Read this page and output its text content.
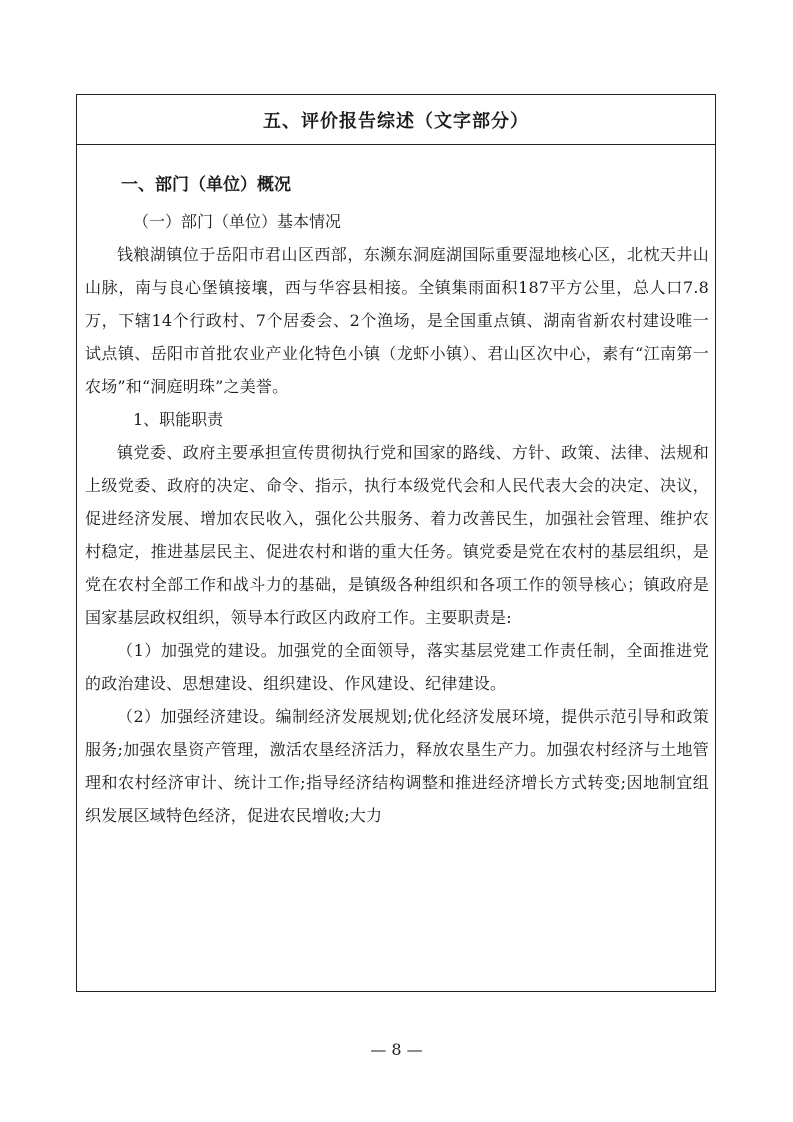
五、评价报告综述（文字部分）
一、部门（单位）概况
（一）部门（单位）基本情况

钱粮湖镇位于岳阳市君山区西部，东濒东洞庭湖国际重要湿地核心区，北枕天井山山脉，南与良心堡镇接壤，西与华容县相接。全镇集雨面积187平方公里，总人口7.8万，下辖14个行政村、7个居委会、2个渔场，是全国重点镇、湖南省新农村建设唯一试点镇、岳阳市首批农业产业化特色小镇（龙虾小镇）、君山区次中心，素有“江南第一农场”和“洞庭明珠”之美誉。

1、职能职责

镇党委、政府主要承担宣传贯彻执行党和国家的路线、方针、政策、法律、法规和上级党委、政府的决定、命令、指示，执行本级党代会和人民代表大会的决定、决议，促进经济发展、增加农民收入，强化公共服务、着力改善民生，加强社会管理、维护农村稳定，推进基层民主、促进农村和谐的重大任务。镇党委是党在农村的基层组织，是党在农村全部工作和战斗力的基础，是镇级各种组织和各项工作的领导核心；镇政府是国家基层政权组织，领导本行政区内政府工作。主要职责是:

（1）加强党的建设。加强党的全面领导，落实基层党建工作责任制，全面推进党的政治建设、思想建设、组织建设、作风建设、纪律建设。

（2）加强经济建设。编制经济发展规划;优化经济发展环境，提供示范引导和政策服务;加强农垦资产管理，激活农垦经济活力，释放农垦生产力。加强农村经济与土地管理和农村经济审计、统计工作;指导经济结构调整和推进经济增长方式转变;因地制宜组织发展区域特色经济，促进农民增收;大力

— 8 —
